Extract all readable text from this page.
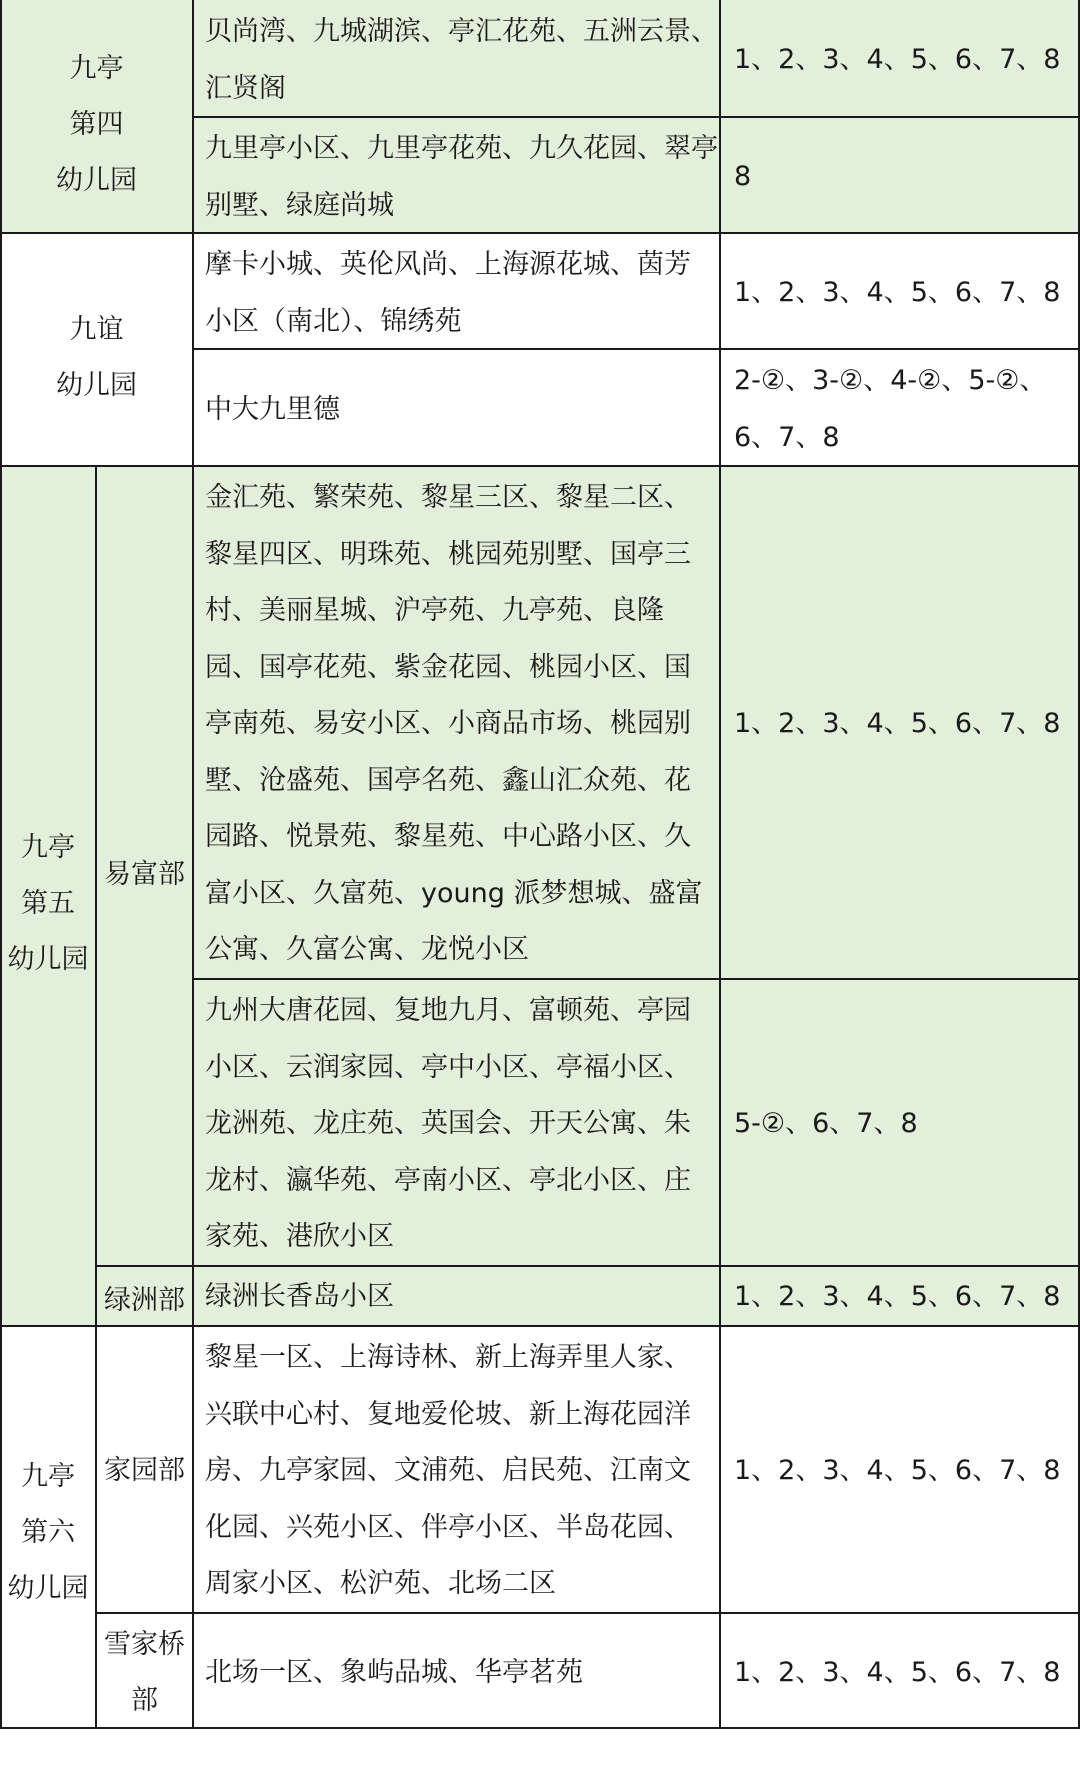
九亭
第四
幼儿园
贝尚湾、九城湖滨、亭汇花苑、五洲云景、
汇贤阁
1、2、3、4、5、6、7、8
九里亭小区、九里亭花苑、九久花园、翠亭
别墅、绿庭尚城
8
九谊
幼儿园
摩卡小城、英伦风尚、上海源花城、茵芳
小区（南北）、锦绣苑
1、2、3、4、5、6、7、8
中大九里德
2-②、3-②、4-②、5-②、
6、7、8
九亭
第五
幼儿园
易富部
金汇苑、繁荣苑、黎星三区、黎星二区、
黎星四区、明珠苑、桃园苑别墅、国亭三
村、美丽星城、沪亭苑、九亭苑、良隆
园、国亭花苑、紫金花园、桃园小区、国
亭南苑、易安小区、小商品市场、桃园别
墅、沧盛苑、国亭名苑、鑫山汇众苑、花
园路、悦景苑、黎星苑、中心路小区、久
富小区、久富苑、young 派梦想城、盛富
公寓、久富公寓、龙悦小区
1、2、3、4、5、6、7、8
九州大唐花园、复地九月、富顿苑、亭园
小区、云润家园、亭中小区、亭福小区、
龙洲苑、龙庄苑、英国会、开天公寓、朱
龙村、瀛华苑、亭南小区、亭北小区、庄
家苑、港欣小区
5-②、6、7、8
绿洲部 绿洲长香岛小区	1、2、3、4、5、6、7、8
九亭
第六
幼儿园
家园部
黎星一区、上海诗林、新上海弄里人家、
兴联中心村、复地爱伦坡、新上海花园洋
房、九亭家园、文浦苑、启民苑、江南文
化园、兴苑小区、伴亭小区、半岛花园、
周家小区、松沪苑、北场二区
1、2、3、4、5、6、7、8
雪家桥
部
北场一区、象屿品城、华亭茗苑	1、2、3、4、5、6、7、8
